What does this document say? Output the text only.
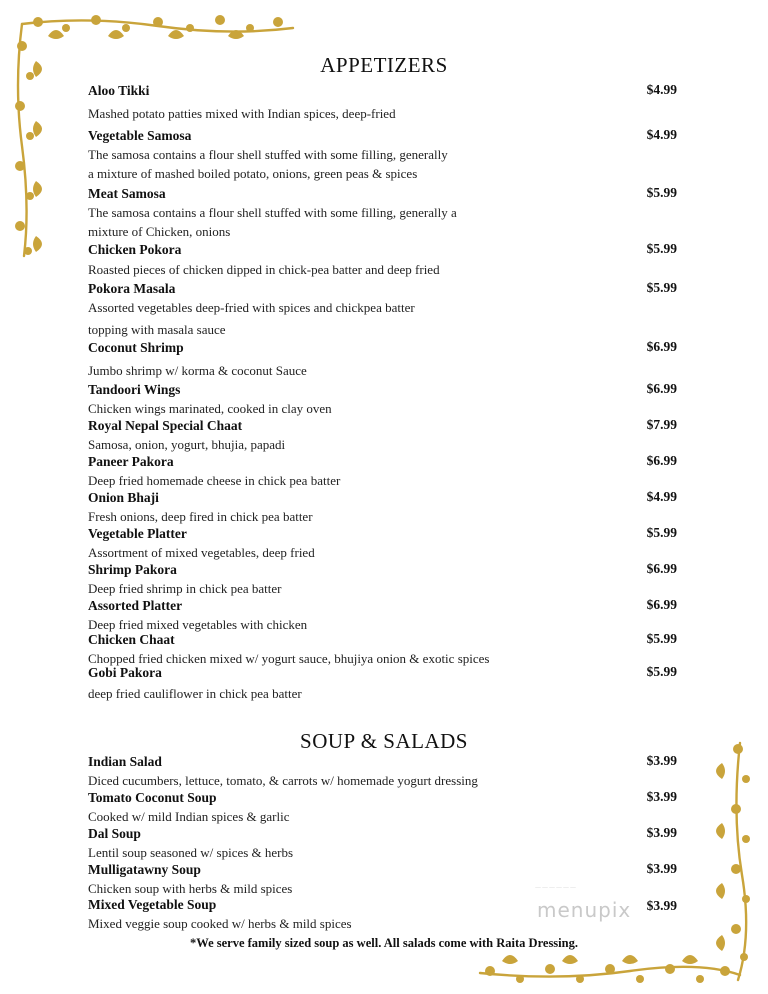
APPETIZERS
SOUP & SALADS
Aloo Tikki	$4.99
Mashed potato patties mixed with Indian spices, deep-fried
Vegetable Samosa	$4.99
The samosa contains a flour shell stuffed with some filling, generally
a mixture of mashed boiled potato, onions, green peas & spices
Meat Samosa	$5.99
The samosa contains a flour shell stuffed with some filling, generally a
mixture of Chicken, onions
Chicken Pokora	$5.99
Roasted pieces of chicken dipped in chick-pea batter and deep fried
Pokora Masala	$5.99
Assorted vegetables deep-fried with spices and chickpea batter
topping with masala sauce
Coconut Shrimp	$6.99
Jumbo shrimp w/ korma & coconut Sauce
Tandoori Wings	$6.99
Chicken wings marinated, cooked in clay oven
Royal Nepal Special Chaat	$7.99
Samosa, onion, yogurt, bhujia, papadi
Paneer Pakora	$6.99
Deep fried homemade cheese in chick pea batter
Onion Bhaji	$4.99
Fresh onions, deep fired in chick pea batter
Vegetable Platter	$5.99
Assortment of mixed vegetables, deep fried
Shrimp Pakora	$6.99
Deep fried shrimp in chick pea batter
Assorted Platter	$6.99
Deep fried mixed vegetables with chicken
Chicken Chaat	$5.99
Chopped fried chicken mixed w/ yogurt sauce, bhujiya onion & exotic spices
Gobi Pakora	$5.99
deep fried cauliflower in chick pea batter
Indian Salad	$3.99
Diced cucumbers, lettuce, tomato, & carrots w/ homemade yogurt dressing
Tomato Coconut Soup	$3.99
Cooked w/ mild Indian spices & garlic
Dal Soup	$3.99
Lentil soup seasoned w/ spices & herbs
Mulligatawny Soup	$3.99
Chicken soup with herbs & mild spices
Mixed Vegetable Soup	$3.99
Mixed veggie soup cooked w/ herbs & mild spices
*We serve family sized soup as well. All salads come with Raita Dressing.
——————
menupix
